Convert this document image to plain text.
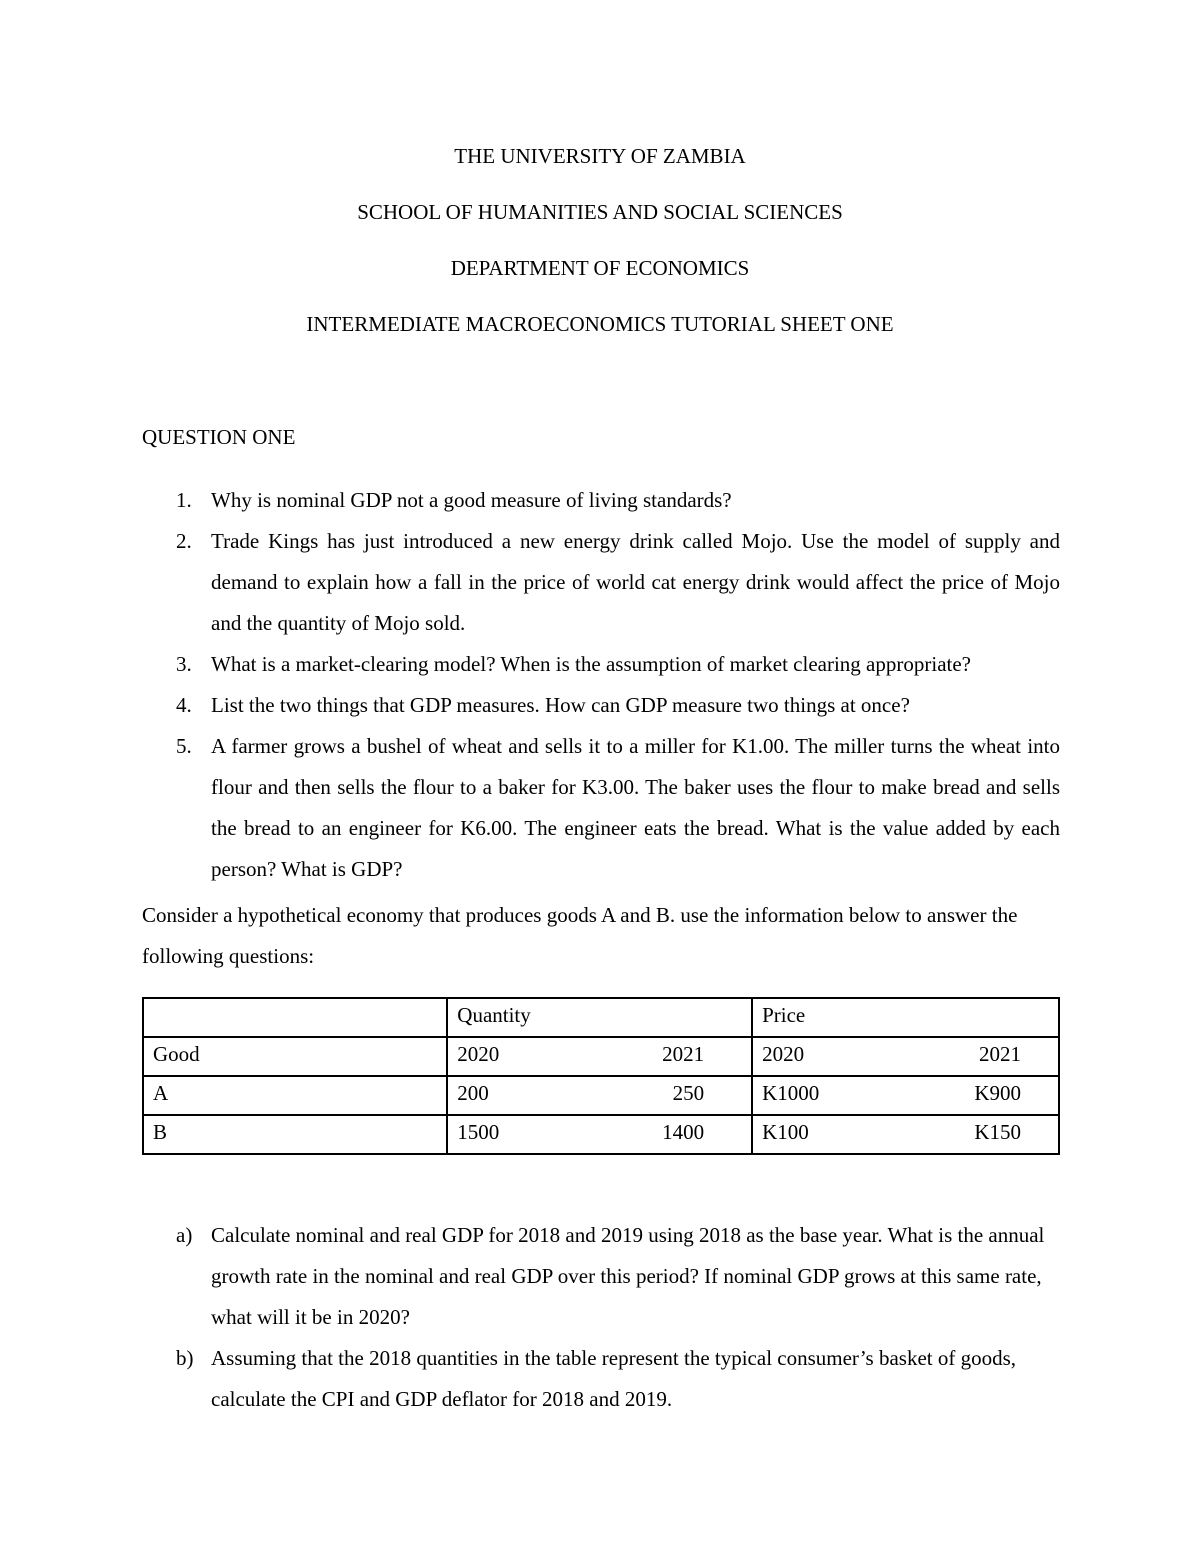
THE UNIVERSITY OF ZAMBIA
SCHOOL OF HUMANITIES AND SOCIAL SCIENCES
DEPARTMENT OF ECONOMICS
INTERMEDIATE MACROECONOMICS TUTORIAL SHEET ONE
QUESTION ONE
1. Why is nominal GDP not a good measure of living standards?
2. Trade Kings has just introduced a new energy drink called Mojo. Use the model of supply and demand to explain how a fall in the price of world cat energy drink would affect the price of Mojo and the quantity of Mojo sold.
3. What is a market-clearing model? When is the assumption of market clearing appropriate?
4. List the two things that GDP measures. How can GDP measure two things at once?
5. A farmer grows a bushel of wheat and sells it to a miller for K1.00. The miller turns the wheat into flour and then sells the flour to a baker for K3.00. The baker uses the flour to make bread and sells the bread to an engineer for K6.00. The engineer eats the bread. What is the value added by each person? What is GDP?
Consider a hypothetical economy that produces goods A and B. use the information below to answer the following questions:
	Quantity	Price
Good	2020 2021	2020 2021

A	200 250	K1000 K900

B	1500 1400	K100 K150
a) Calculate nominal and real GDP for 2018 and 2019 using 2018 as the base year. What is the annual growth rate in the nominal and real GDP over this period? If nominal GDP grows at this same rate, what will it be in 2020?
b) Assuming that the 2018 quantities in the table represent the typical consumer’s basket of goods, calculate the CPI and GDP deflator for 2018 and 2019.
